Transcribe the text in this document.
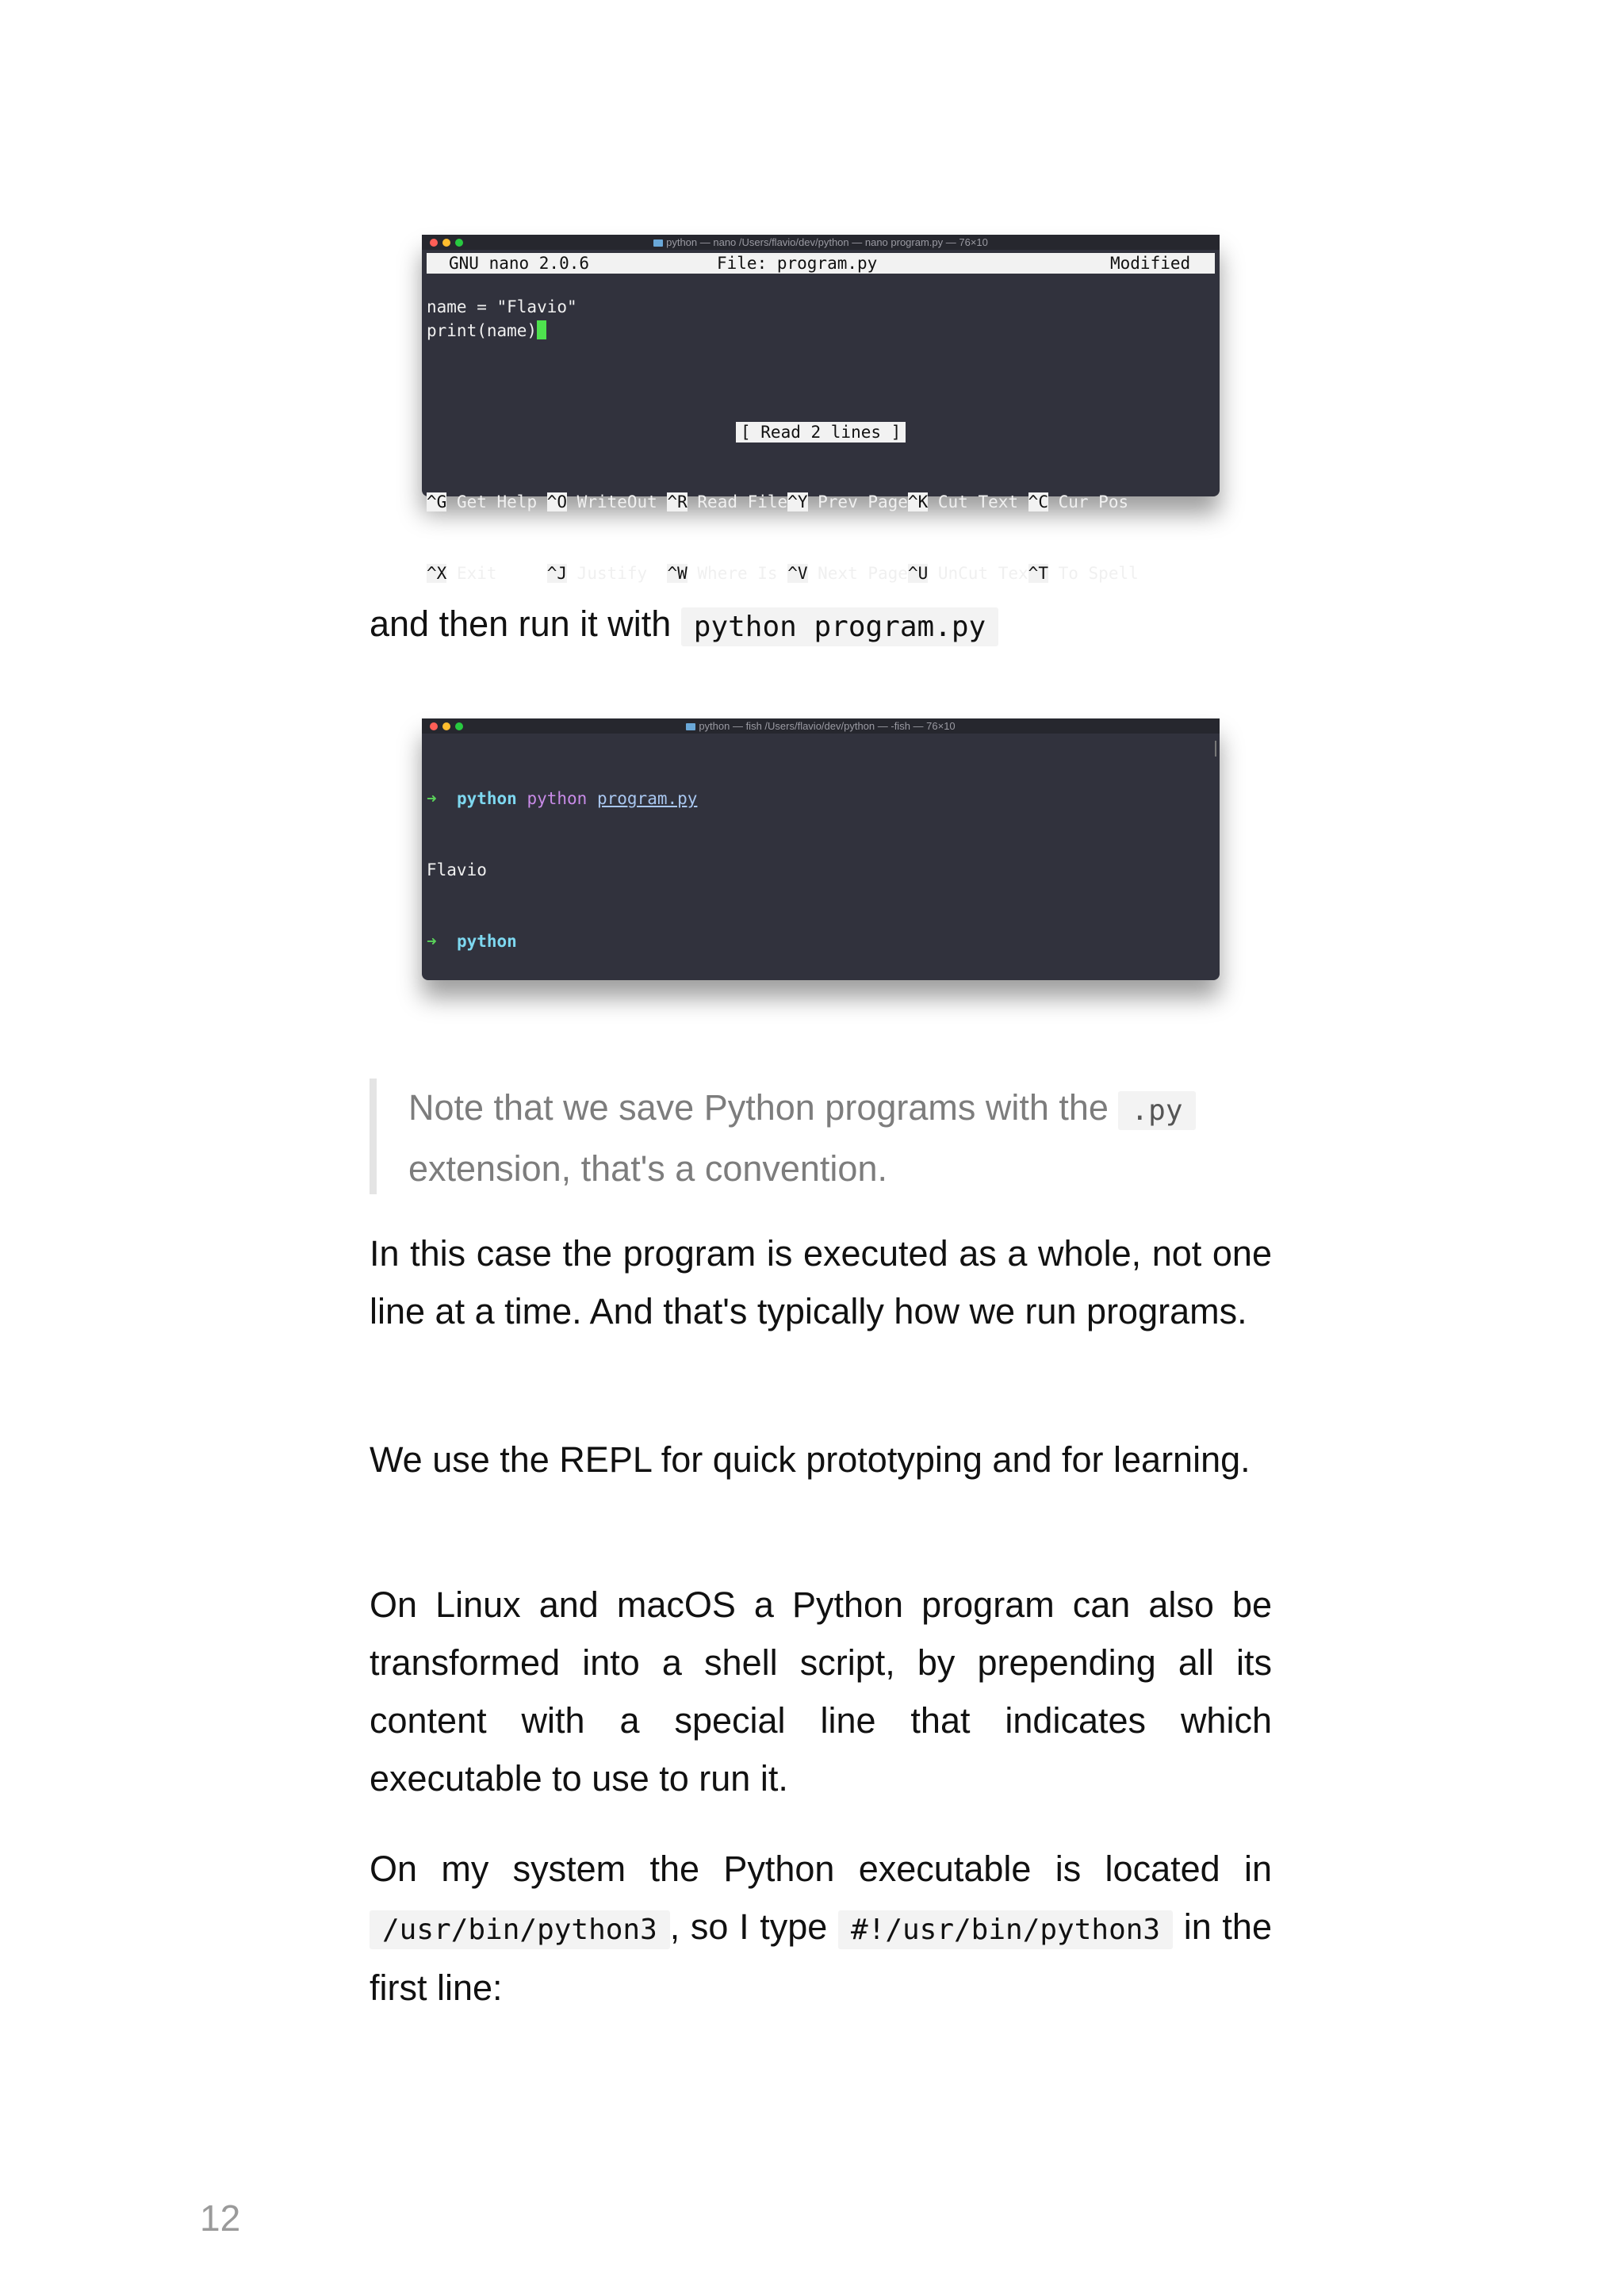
python — nano /Users/flavio/dev/python — nano program.py — 76×10
GNU nano 2.0.6	File: program.py	Modified
name = "Flavio"
print(name)
[ Read 2 lines ]

^G Get Help ^O WriteOut ^R Read File^Y Prev Page^K Cut Text ^C Cur Pos

^X Exit     ^J Justify  ^W Where Is ^V Next Page^U UnCut Tex^T To Spell

and then run it with python program.py

python — fish /Users/flavio/dev/python — -fish — 76×10

➜ python python program.py

Flavio

➜ python

Note that we save Python programs with the .py
extension, that's a convention.

In this case the program is executed as a whole, not one line at a time. And that's typically how we run programs.

We use the REPL for quick prototyping and for learning.

On Linux and macOS a Python program can also be transformed into a shell script, by prepending all its content with a special line that indicates which executable to use to run it.

On my system the Python executable is located in /usr/bin/python3 , so I type #!/usr/bin/python3 in the first line:

12
